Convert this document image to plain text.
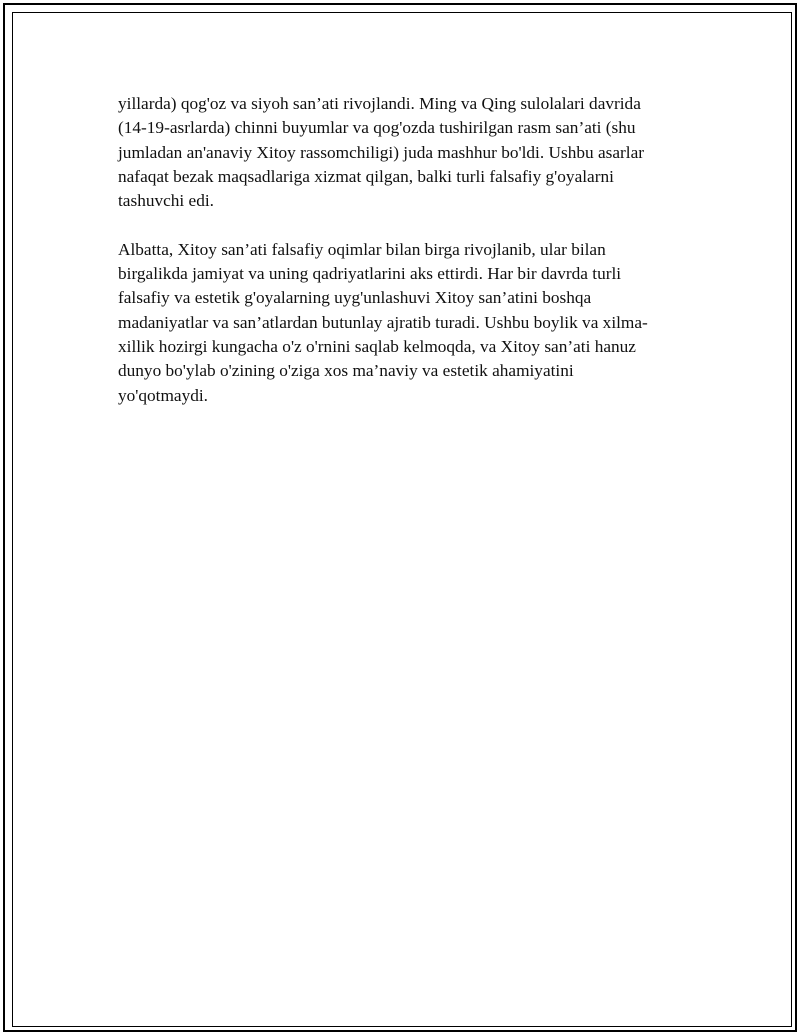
yillarda) qog'oz va siyoh san’ati rivojlandi. Ming va Qing sulolalari davrida
(14-19-asrlarda) chinni buyumlar va qog'ozda tushirilgan rasm san’ati (shu
jumladan an'anaviy Xitoy rassomchiligi) juda mashhur bo'ldi. Ushbu asarlar
nafaqat bezak maqsadlariga xizmat qilgan, balki turli falsafiy g'oyalarni
tashuvchi edi.

Albatta, Xitoy san’ati falsafiy oqimlar bilan birga rivojlanib, ular bilan
birgalikda jamiyat va uning qadriyatlarini aks ettirdi. Har bir davrda turli
falsafiy va estetik g'oyalarning uyg'unlashuvi Xitoy san’atini boshqa
madaniyatlar va san’atlardan butunlay ajratib turadi. Ushbu boylik va xilma-
xillik hozirgi kungacha o'z o'rnini saqlab kelmoqda, va Xitoy san’ati hanuz
dunyo bo'ylab o'zining o'ziga xos ma’naviy va estetik ahamiyatini
yo'qotmaydi.
